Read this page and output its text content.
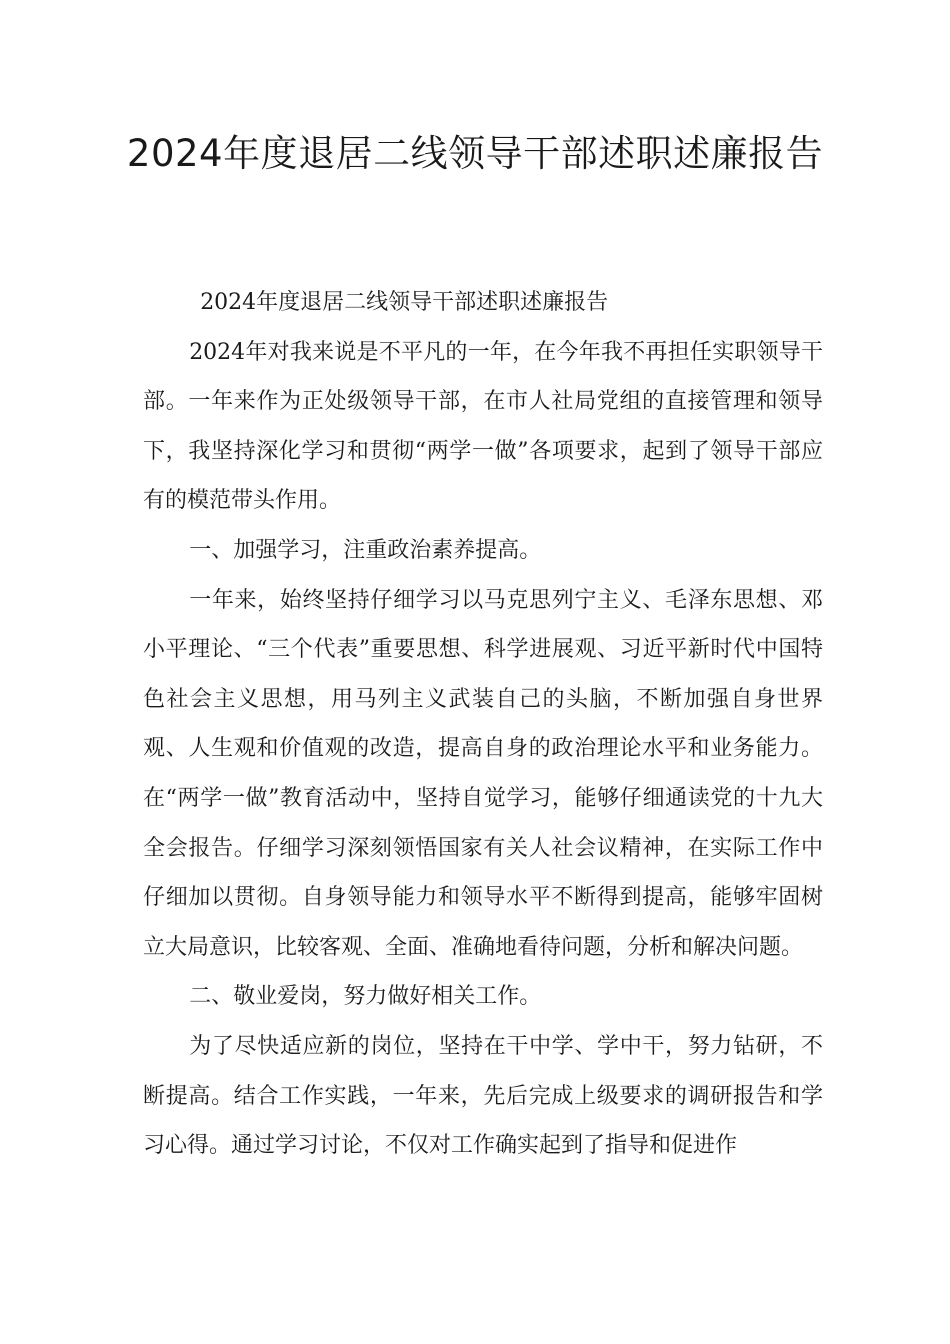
2024年度退居二线领导干部述职述廉报告

2024年度退居二线领导干部述职述廉报告

2024年对我来说是不平凡的一年，在今年我不再担任实职领导干部。一年来作为正处级领导干部，在市人社局党组的直接管理和领导下，我坚持深化学习和贯彻“两学一做”各项要求，起到了领导干部应有的模范带头作用。

一、加强学习，注重政治素养提高。

一年来，始终坚持仔细学习以马克思列宁主义、毛泽东思想、邓小平理论、“三个代表”重要思想、科学进展观、习近平新时代中国特色社会主义思想，用马列主义武装自己的头脑，不断加强自身世界观、人生观和价值观的改造，提高自身的政治理论水平和业务能力。在“两学一做”教育活动中，坚持自觉学习，能够仔细通读党的十九大全会报告。仔细学习深刻领悟国家有关人社会议精神，在实际工作中仔细加以贯彻。自身领导能力和领导水平不断得到提高，能够牢固树立大局意识，比较客观、全面、准确地看待问题，分析和解决问题。

二、敬业爱岗，努力做好相关工作。

为了尽快适应新的岗位，坚持在干中学、学中干，努力钻研，不断提高。结合工作实践，一年来，先后完成上级要求的调研报告和学习心得。通过学习讨论，不仅对工作确实起到了指导和促进作
